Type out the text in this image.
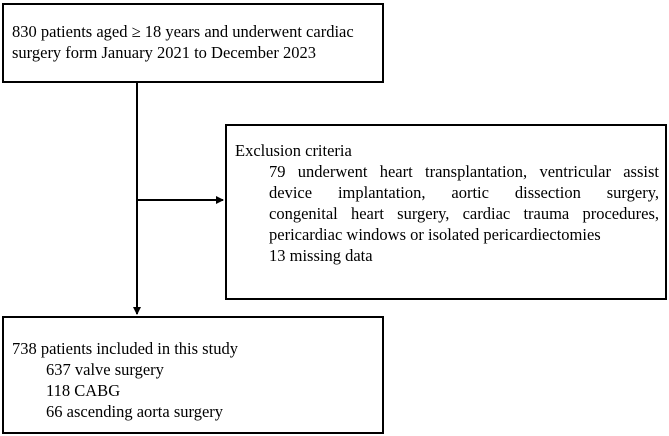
830 patients aged ≥ 18 years and underwent cardiac
surgery form January 2021 to December 2023
Exclusion criteria
79 underwent heart transplantation, ventricular assist
device implantation, aortic dissection surgery,
congenital heart surgery, cardiac trauma procedures,
pericardiac windows or isolated pericardiectomies
13 missing data
738 patients included in this study
637 valve surgery
118 CABG
66 ascending aorta surgery
